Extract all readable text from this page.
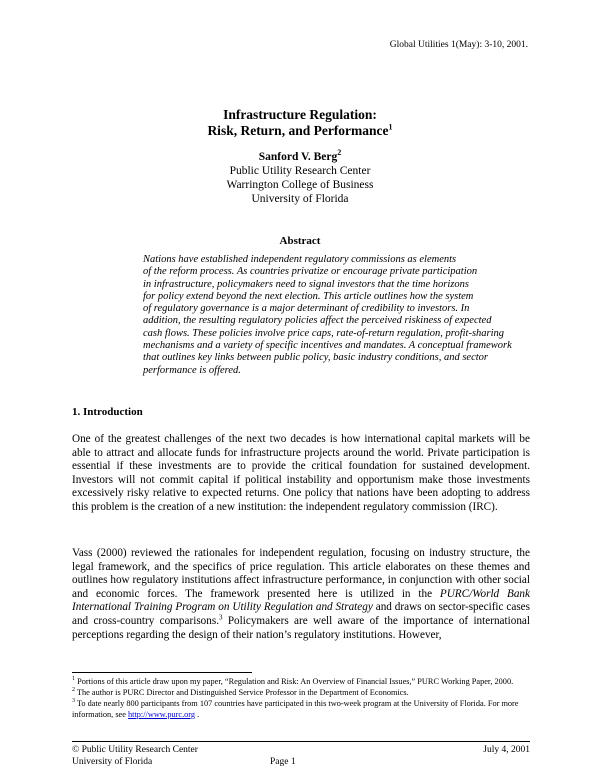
Global Utilities 1(May): 3-10, 2001.
Infrastructure Regulation:
Risk, Return, and Performance$^1$
Sanford V. Berg$^2$
Public Utility Research Center
Warrington College of Business
University of Florida
Abstract
Nations have established independent regulatory commissions as elements
of the reform process. As countries privatize or encourage private participation
in infrastructure, policymakers need to signal investors that the time horizons
for policy extend beyond the next election. This article outlines how the system
of regulatory governance is a major determinant of credibility to investors. In
addition, the resulting regulatory policies affect the perceived riskiness of expected
cash flows. These policies involve price caps, rate-of-return regulation, profit-sharing
mechanisms and a variety of specific incentives and mandates. A conceptual framework
that outlines key links between public policy, basic industry conditions, and sector
performance is offered.
1. Introduction
One of the greatest challenges of the next two decades is how international capital markets will be able to attract and allocate funds for infrastructure projects around the world. Private participation is essential if these investments are to provide the critical foundation for sustained development. Investors will not commit capital if political instability and opportunism make those investments excessively risky relative to expected returns. One policy that nations have been adopting to address this problem is the creation of a new institution: the independent regulatory commission (IRC).
Vass (2000) reviewed the rationales for independent regulation, focusing on industry structure, the legal framework, and the specifics of price regulation. This article elaborates on these themes and outlines how regulatory institutions affect infrastructure performance, in conjunction with other social and economic forces. The framework presented here is utilized in the PURC/World Bank International Training Program on Utility Regulation and Strategy and draws on sector-specific cases and cross-country comparisons.$^3$ Policymakers are well aware of the importance of international perceptions regarding the design of their nation’s regulatory institutions. However,
$^1$ Portions of this article draw upon my paper, “Regulation and Risk: An Overview of Financial Issues,” PURC Working Paper, 2000.
$^2$ The author is PURC Director and Distinguished Service Professor in the Department of Economics.
$^3$ To date nearly 800 participants from 107 countries have participated in this two-week program at the University of Florida. For more information, see http://www.purc.org .
© Public Utility Research Center	July 4, 2001
University of Florida	Page 1
